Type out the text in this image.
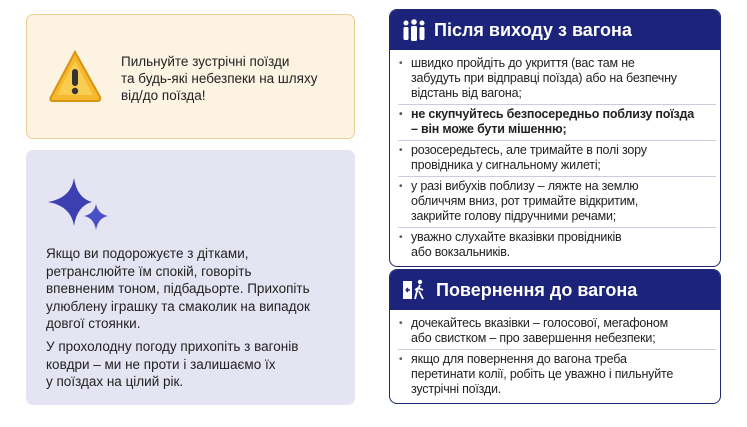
Пильнуйте зустрічні поїзди
та будь-які небезпеки на шляху
від/до поїзда!
Якщо ви подорожуєте з дітками,
ретранслюйте їм спокій, говоріть
впевненим тоном, підбадьорте. Прихопіть
улюблену іграшку та смаколик на випадок
довгої стоянки.
У прохолодну погоду прихопіть з вагонів
ковдри – ми не проти і залишаємо їх
у поїздах на цілий рік.
Після виходу з вагона
• швидко пройдіть до укриття (вас там не
забудуть при відправці поїзда) або на безпечну
відстань від вагона;
• не скупчуйтесь безпосередньо поблизу поїзда
– він може бути мішенню;
• розосередьтесь, але тримайте в полі зору
провідника у сигнальному жилеті;
• у разі вибухів поблизу – ляжте на землю
обличчям вниз, рот тримайте відкритим,
закрийте голову підручними речами;
• уважно слухайте вказівки провідників
або вокзальників.
Повернення до вагона
• дочекайтесь вказівки – голосової, мегафоном
або свистком – про завершення небезпеки;
• якщо для повернення до вагона треба
перетинати колії, робіть це уважно і пильнуйте
зустрічні поїзди.
